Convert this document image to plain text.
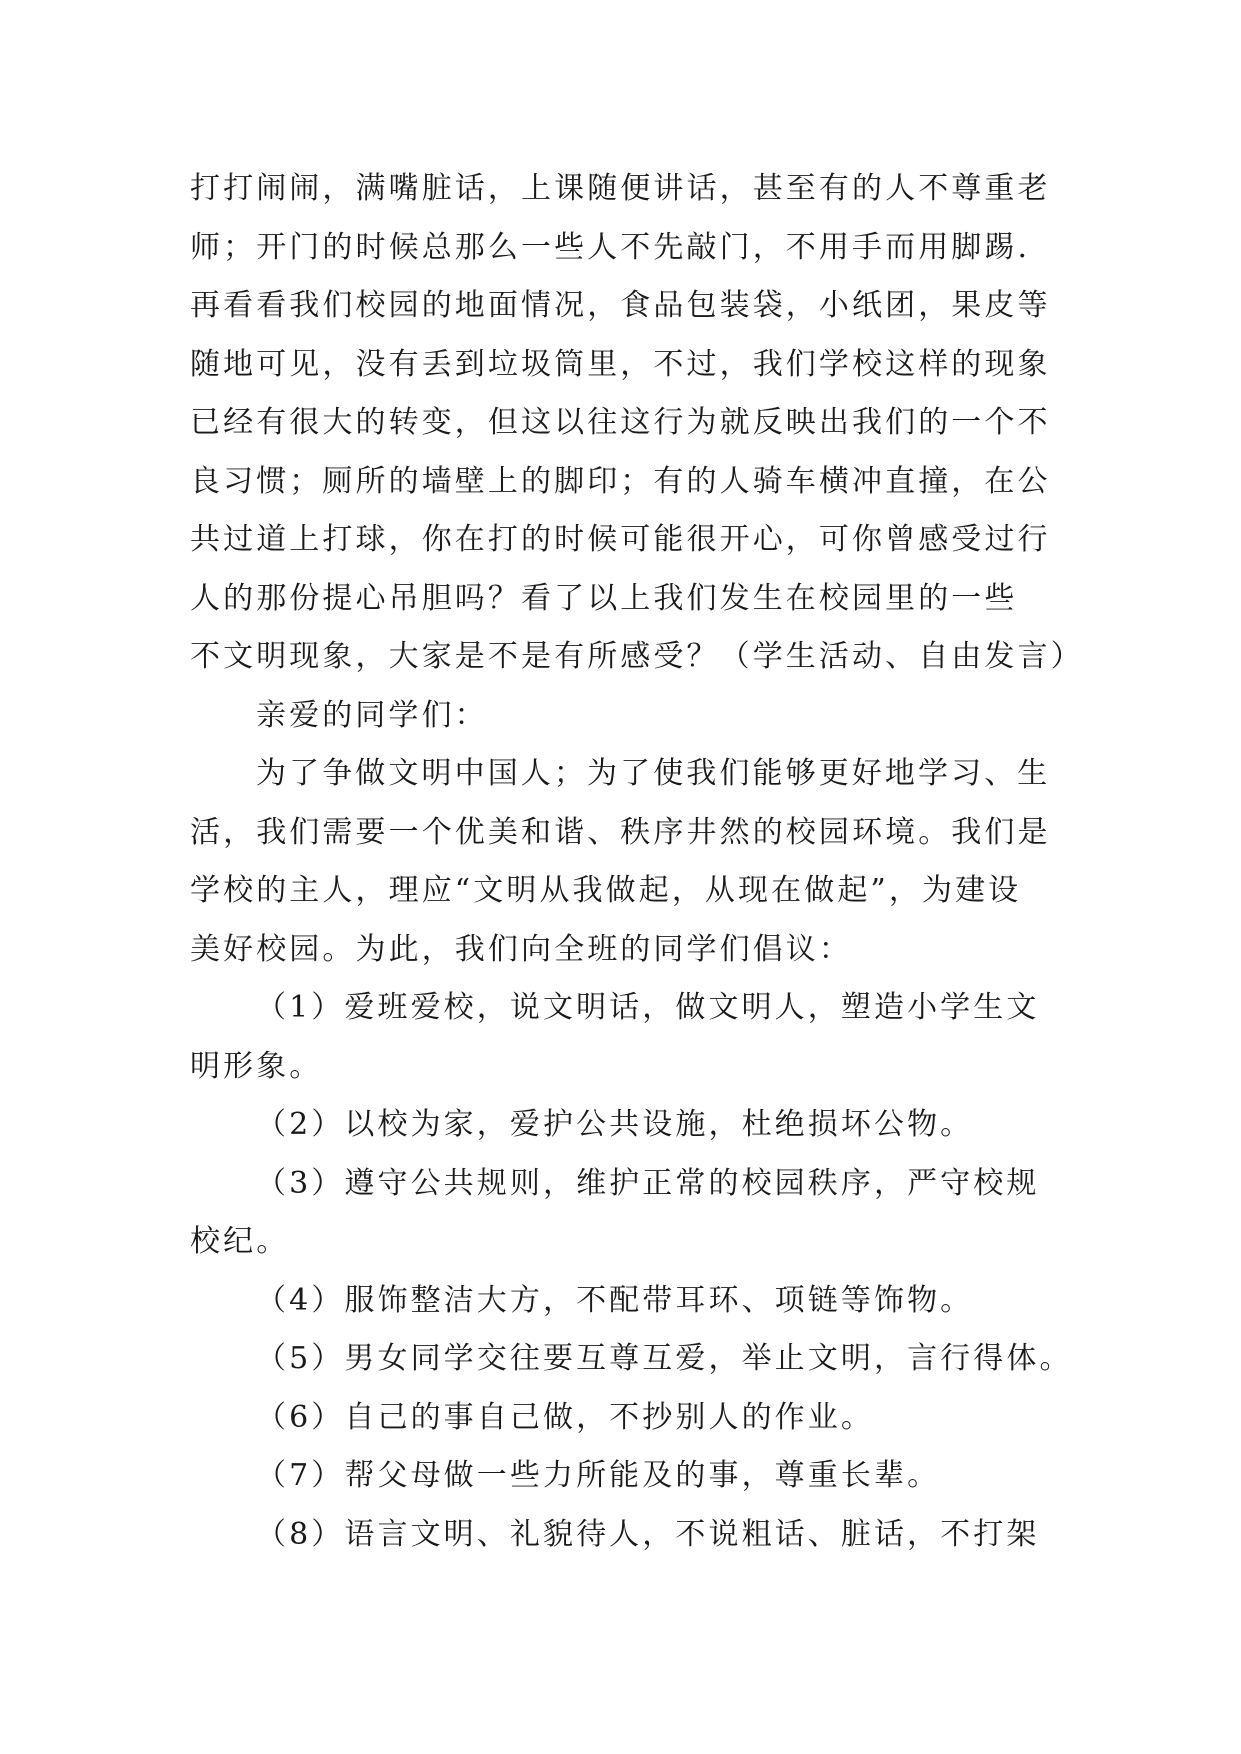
打打闹闹，满嘴脏话，上课随便讲话，甚至有的人不尊重老
师；开门的时候总那么一些人不先敲门，不用手而用脚踢.
再看看我们校园的地面情况，食品包装袋，小纸团，果皮等
随地可见，没有丢到垃圾筒里，不过，我们学校这样的现象
已经有很大的转变，但这以往这行为就反映出我们的一个不
良习惯；厕所的墙壁上的脚印；有的人骑车横冲直撞，在公
共过道上打球，你在打的时候可能很开心，可你曾感受过行
人的那份提心吊胆吗？看了以上我们发生在校园里的一些
不文明现象，大家是不是有所感受？（学生活动、自由发言）
亲爱的同学们：
为了争做文明中国人；为了使我们能够更好地学习、生
活，我们需要一个优美和谐、秩序井然的校园环境。我们是
学校的主人，理应“文明从我做起，从现在做起”，为建设
美好校园。为此，我们向全班的同学们倡议：
（1）爱班爱校，说文明话，做文明人，塑造小学生文
明形象。
（2）以校为家，爱护公共设施，杜绝损坏公物。
（3）遵守公共规则，维护正常的校园秩序，严守校规
校纪。
（4）服饰整洁大方，不配带耳环、项链等饰物。
（5）男女同学交往要互尊互爱，举止文明，言行得体。
（6）自己的事自己做，不抄别人的作业。
（7）帮父母做一些力所能及的事，尊重长辈。
（8）语言文明、礼貌待人，不说粗话、脏话，不打架
